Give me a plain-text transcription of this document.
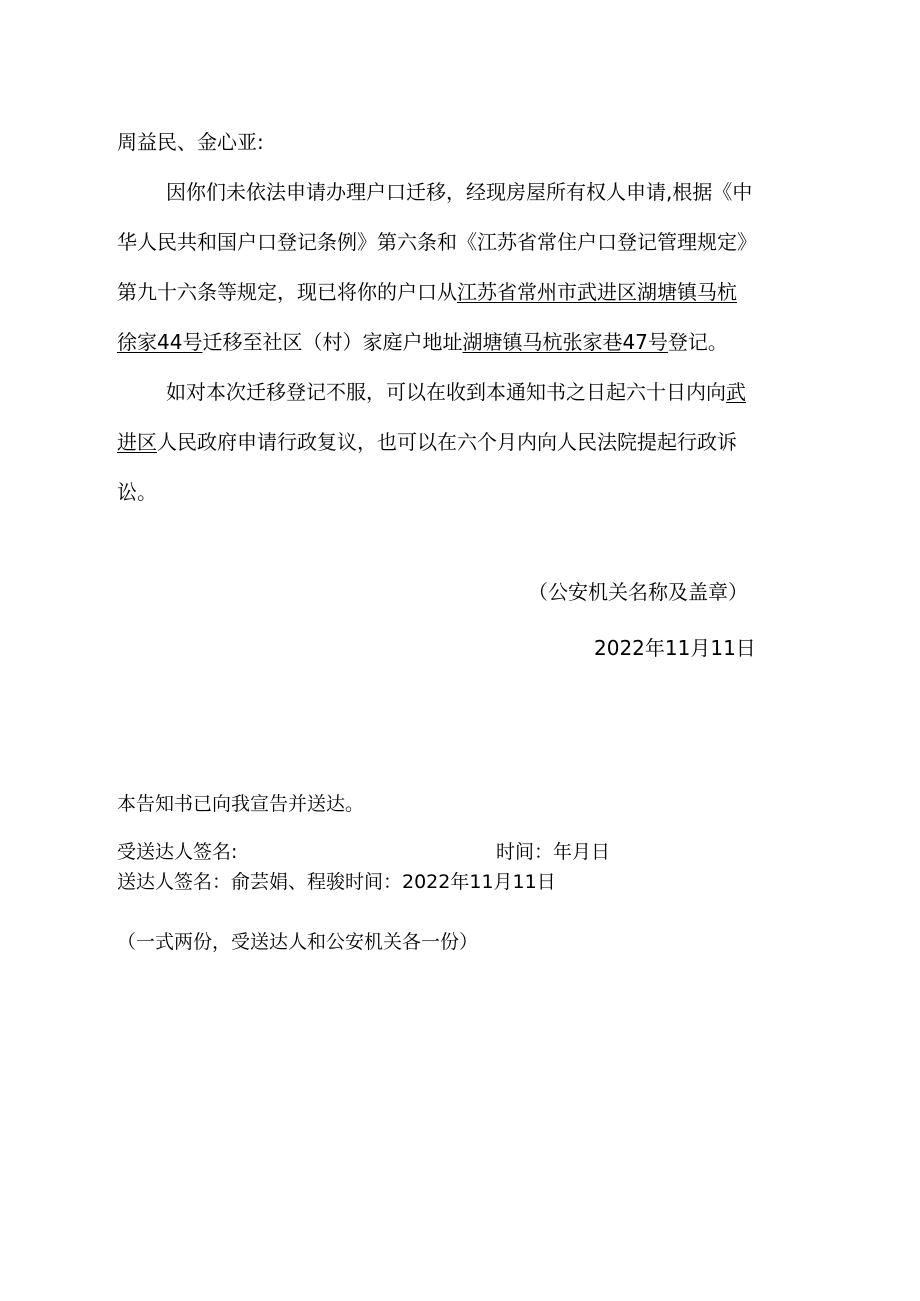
周益民、金心亚:
因你们未依法申请办理户口迁移，经现房屋所有权人申请,根据《中
华人民共和国户口登记条例》第六条和《江苏省常住户口登记管理规定》
第九十六条等规定，现已将你的户口从江苏省常州市武进区湖塘镇马杭
徐家44号迁移至社区（村）家庭户地址湖塘镇马杭张家巷47号登记。
如对本次迁移登记不服，可以在收到本通知书之日起六十日内向武
进区人民政府申请行政复议，也可以在六个月内向人民法院提起行政诉
讼。
（公安机关名称及盖章）
2022年11月11日
本告知书已向我宣告并送达。
受送达人签名:	时间：年月日
送达人签名：俞芸娟、程骏时间：2022年11月11日
（一式两份，受送达人和公安机关各一份）
